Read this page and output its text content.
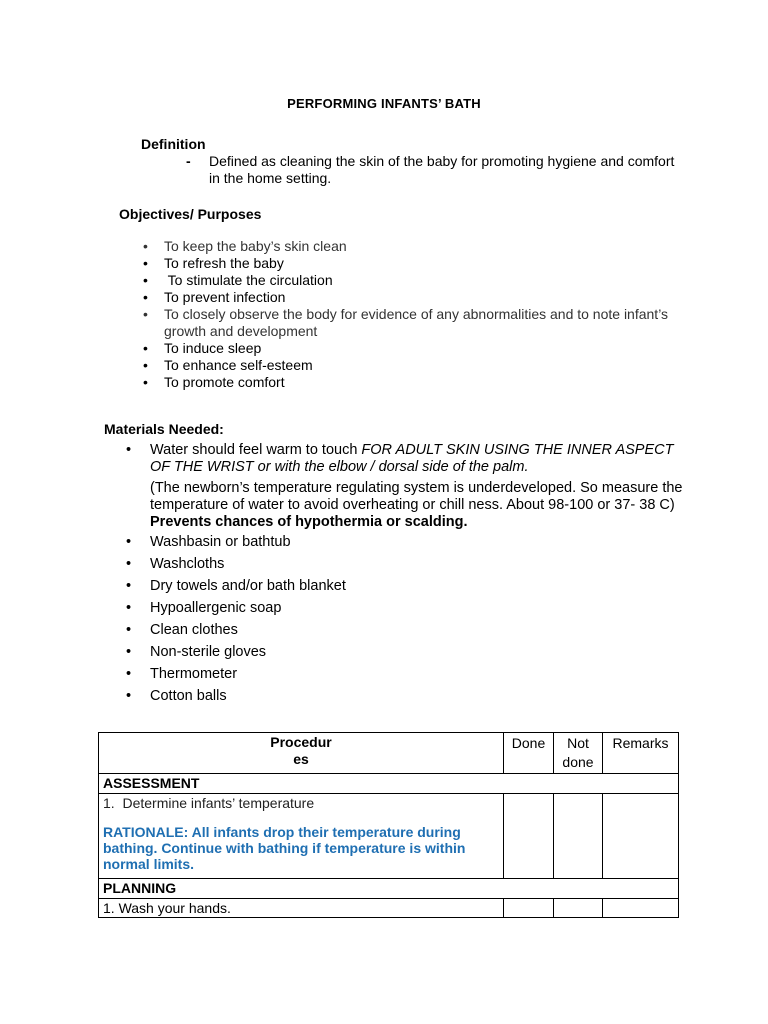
PERFORMING INFANTS’ BATH
Definition
- Defined as cleaning the skin of the baby for promoting hygiene and comfort in the home setting.
Objectives/ Purposes
• To keep the baby’s skin clean
• To refresh the baby
•  To stimulate the circulation
• To prevent infection
• To closely observe the body for evidence of any abnormalities and to note infant’s growth and development
• To induce sleep
• To enhance self-esteem
• To promote comfort
Materials Needed:
• Water should feel warm to touch FOR ADULT SKIN USING THE INNER ASPECT OF THE WRIST or with the elbow / dorsal side of the palm.
(The newborn’s temperature regulating system is underdeveloped. So measure the temperature of water to avoid overheating or chill ness. About 98-100 or 37- 38 C) Prevents chances of hypothermia or scalding.
• Washbasin or bathtub
• Washcloths
• Dry towels and/or bath blanket
• Hypoallergenic soap
• Clean clothes
• Non-sterile gloves
• Thermometer
• Cotton balls
Procedur es	Done	Not done	Remarks
ASSESSMENT			

1.  Determine infants’ temperature
RATIONALE: All infants drop their temperature during bathing. Continue with bathing if temperature is within normal limits.			

PLANNING			
1. Wash your hands.			
